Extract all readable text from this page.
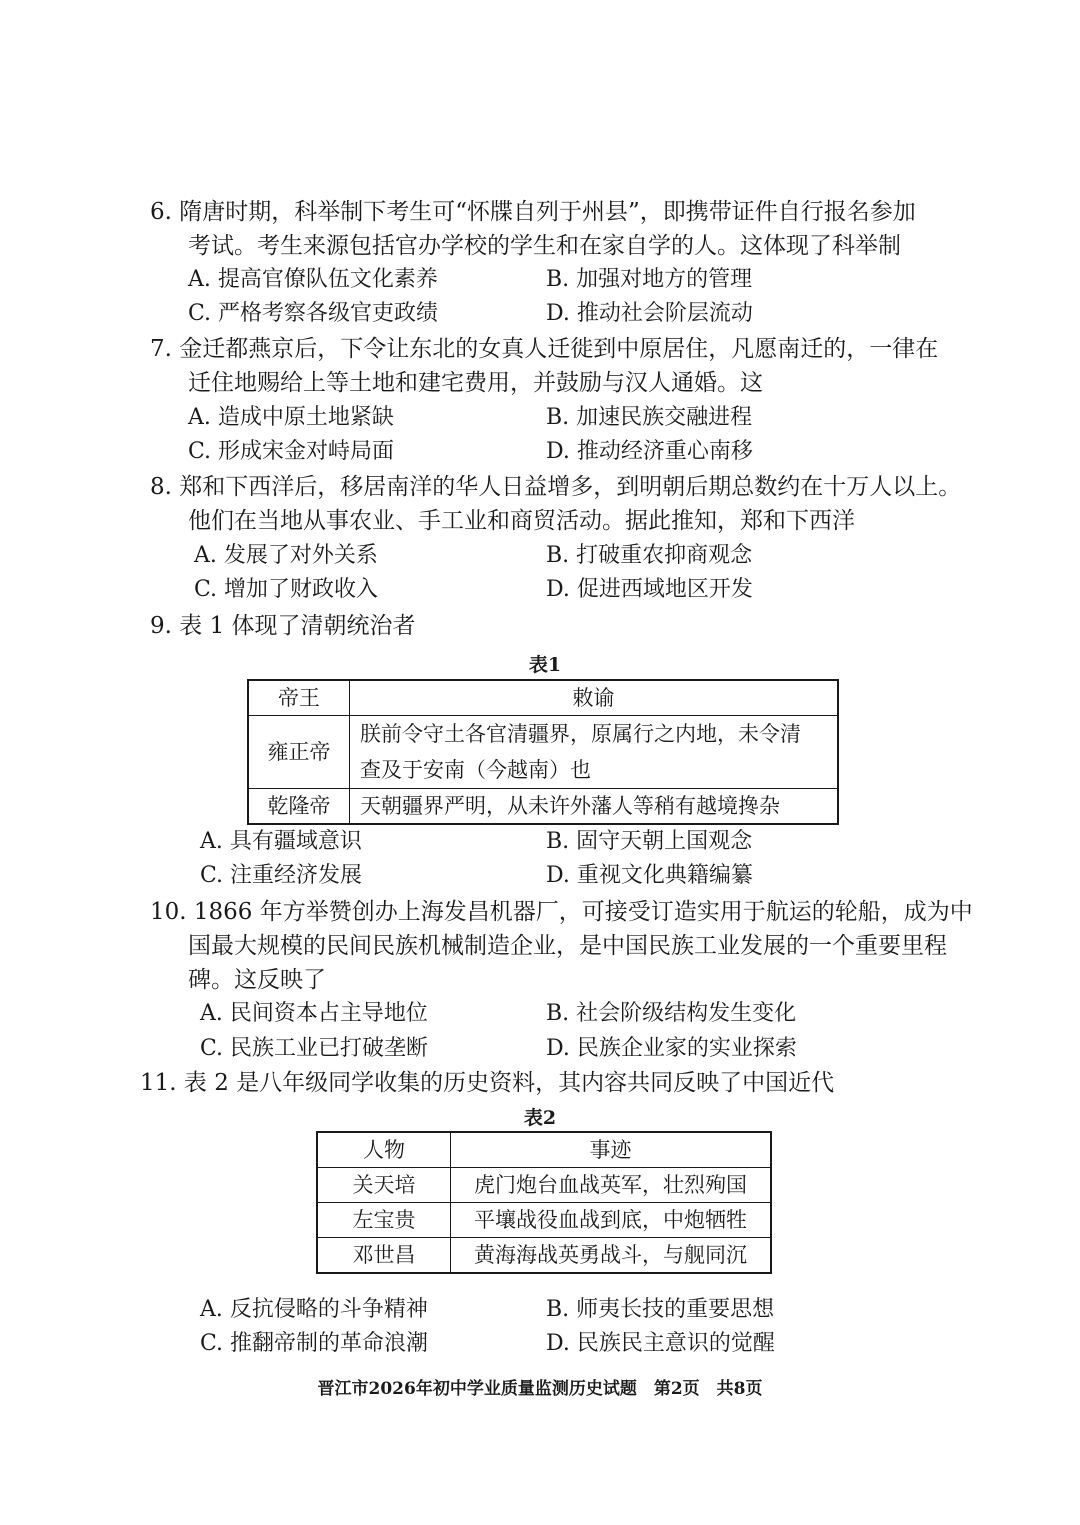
6. 隋唐时期，科举制下考生可“怀牒自列于州县”，即携带证件自行报名参加
考试。考生来源包括官办学校的学生和在家自学的人。这体现了科举制
A. 提高官僚队伍文化素养	B. 加强对地方的管理
C. 严格考察各级官吏政绩	D. 推动社会阶层流动
7. 金迁都燕京后，下令让东北的女真人迁徙到中原居住，凡愿南迁的，一律在
迁住地赐给上等土地和建宅费用，并鼓励与汉人通婚。这
A. 造成中原土地紧缺	B. 加速民族交融进程
C. 形成宋金对峙局面	D. 推动经济重心南移
8. 郑和下西洋后，移居南洋的华人日益增多，到明朝后期总数约在十万人以上。
他们在当地从事农业、手工业和商贸活动。据此推知，郑和下西洋
A. 发展了对外关系	B. 打破重农抑商观念
C. 增加了财政收入	D. 促进西域地区开发
9. 表 1 体现了清朝统治者
表1
帝王	敕谕
雍正帝	朕前令守土各官清疆界，原属行之内地，未令清
查及于安南（今越南）也

乾隆帝	天朝疆界严明，从未许外藩人等稍有越境搀杂
A. 具有疆域意识	B. 固守天朝上国观念
C. 注重经济发展	D. 重视文化典籍编纂
10. 1866 年方举赞创办上海发昌机器厂，可接受订造实用于航运的轮船，成为中
国最大规模的民间民族机械制造企业，是中国民族工业发展的一个重要里程
碑。这反映了
A. 民间资本占主导地位	B. 社会阶级结构发生变化
C. 民族工业已打破垄断	D. 民族企业家的实业探索
11. 表 2 是八年级同学收集的历史资料，其内容共同反映了中国近代
表2
人物	事迹
关天培	虎门炮台血战英军，壮烈殉国
左宝贵	平壤战役血战到底，中炮牺牲
邓世昌	黄海海战英勇战斗，与舰同沉
A. 反抗侵略的斗争精神	B. 师夷长技的重要思想
C. 推翻帝制的革命浪潮	D. 民族民主意识的觉醒
晋江市2026年初中学业质量监测历史试题　第2页　共8页
